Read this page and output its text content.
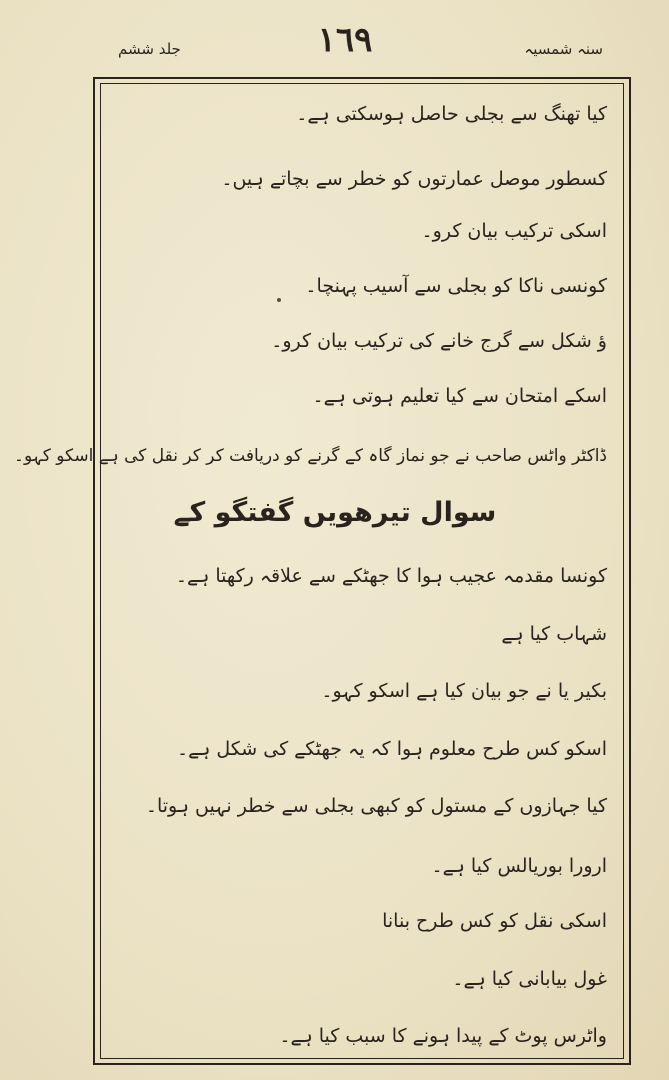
جلد ششم	١٦٩	سنہ شمسیہ
کیا تھنگ سے بجلی حاصل ہوسکتی ہے۔
کسطور موصل عمارتوں کو خطر سے بچاتے ہیں۔
اسکی ترکیب بیان کرو۔
کونسی ناکا کو بجلی سے آسیب پہنچا۔
ؤ شکل سے گرج خانے کی ترکیب بیان کرو۔
اسکے امتحان سے کیا تعلیم ہوتی ہے۔
ڈاکٹر واٹس صاحب نے جو نماز گاہ کے گرنے کو دریافت کر کر نقل کی ہے اسکو کہو۔
سوال تیرھویں گفتگو کے
کونسا مقدمہ عجیب ہوا کا جھٹکے سے علاقہ رکھتا ہے۔
شہاب کیا ہے
بکیر یا نے جو بیان کیا ہے اسکو کہو۔
اسکو کس طرح معلوم ہوا کہ یہ جھٹکے کی شکل ہے۔
کیا جہازوں کے مستول کو کبھی بجلی سے خطر نہیں ہوتا۔
ارورا بوریالس کیا ہے۔
اسکی نقل کو کس طرح بنانا
غول بیابانی کیا ہے۔
واٹرس پوٹ کے پیدا ہونے کا سبب کیا ہے۔
